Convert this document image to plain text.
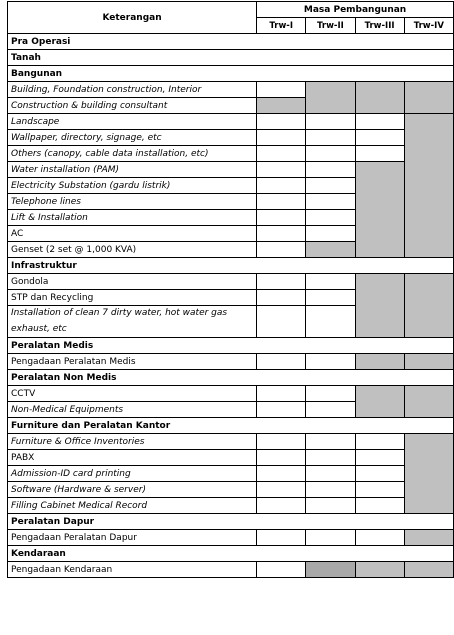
Keterangan	Masa Pembangunan			
	Trw-I	Trw-II	Trw-III	Trw-IV
Pra Operasi				
Tanah				
Bangunan				
Building, Foundation construction, Interior				
Construction & building consultant				
Landscape				
Wallpaper, directory, signage, etc				
Others (canopy, cable data installation, etc)				
Water installation (PAM)				
Electricity Substation (gardu listrik)				
Telephone lines				
Lift & Installation				
AC				
Genset (2 set @ 1,000 KVA)				
Infrastruktur				
Gondola				
STP dan Recycling				
Installation of clean 7 dirty water, hot water gas exhaust, etc				
Peralatan Medis				
Pengadaan Peralatan Medis				
Peralatan Non Medis				
CCTV				
Non-Medical Equipments				
Furniture dan Peralatan Kantor				
Furniture & Office Inventories				
PABX				
Admission-ID card printing				
Software (Hardware & server)				
Filling Cabinet Medical Record				
Peralatan Dapur				
Pengadaan Peralatan Dapur				
Kendaraan				
Pengadaan Kendaraan				
